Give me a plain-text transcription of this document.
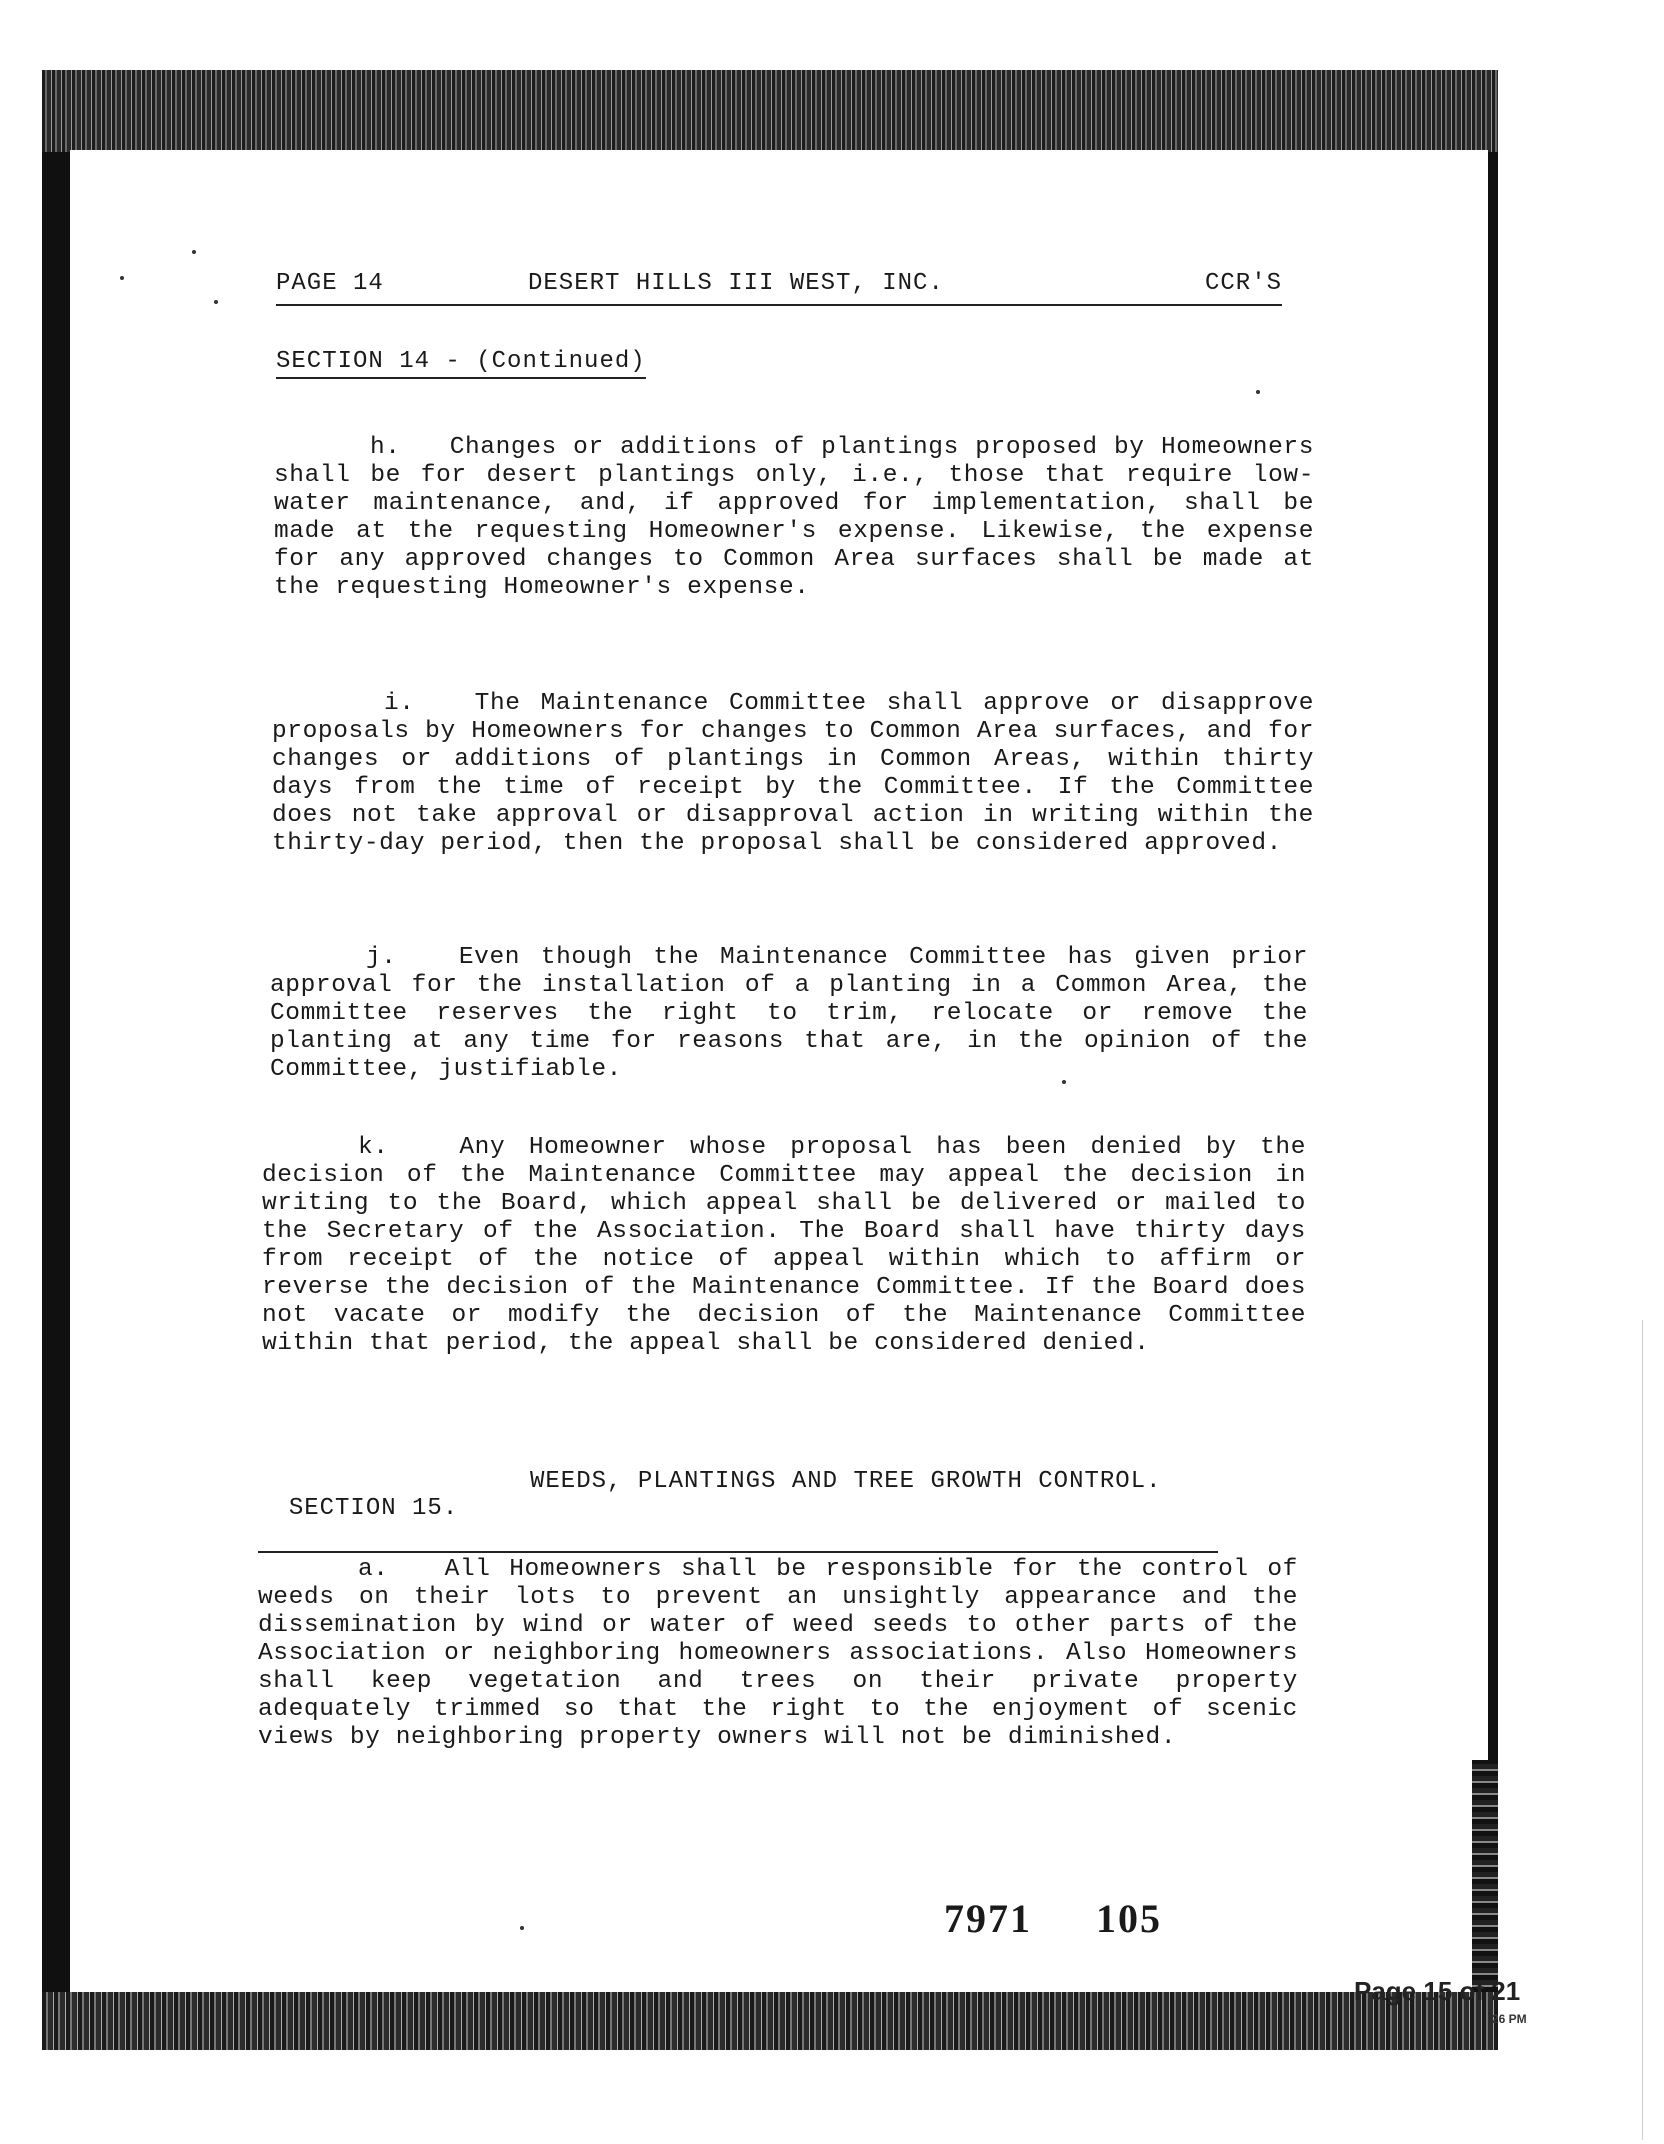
PAGE 14	DESERT HILLS III WEST, INC.	CCR'S
SECTION 14 - (Continued)
h. Changes or additions of plantings proposed by Homeowners shall be for desert plantings only, i.e., those that require low-water maintenance, and, if approved for implementation, shall be made at the requesting Homeowner's expense. Likewise, the expense for any approved changes to Common Area surfaces shall be made at the requesting Homeowner's expense.
i. The Maintenance Committee shall approve or disapprove proposals by Homeowners for changes to Common Area surfaces, and for changes or additions of plantings in Common Areas, within thirty days from the time of receipt by the Committee. If the Committee does not take approval or disapproval action in writing within the thirty-day period, then the proposal shall be considered approved.
j.	Even though the Maintenance Committee has given prior approval for the installation of a planting in a Common Area, the Committee reserves the right to trim, relocate or remove the planting at any time for reasons that are, in the opinion of the Committee, justifiable.
k.	Any Homeowner whose proposal has been denied by the decision of the Maintenance Committee may appeal the decision in writing to the Board, which appeal shall be delivered or mailed to the Secretary of the Association. The Board shall have thirty days from receipt of the notice of appeal within which to affirm or reverse the decision of the Maintenance Committee. If the Board does not vacate or modify the decision of the Maintenance Committee within that period, the appeal shall be considered denied.

SECTION 15.

WEEDS, PLANTINGS AND TREE GROWTH CONTROL.

a. All Homeowners shall be responsible for the control of weeds on their lots to prevent an unsightly appearance and the dissemination by wind or water of weed seeds to other parts of the Association or neighboring homeowners associations. Also Homeowners shall keep vegetation and trees on their private property adequately trimmed so that the right to the enjoyment of scenic views by neighboring property owners will not be diminished.
7971 105
Page 15 of 21
26 PM
